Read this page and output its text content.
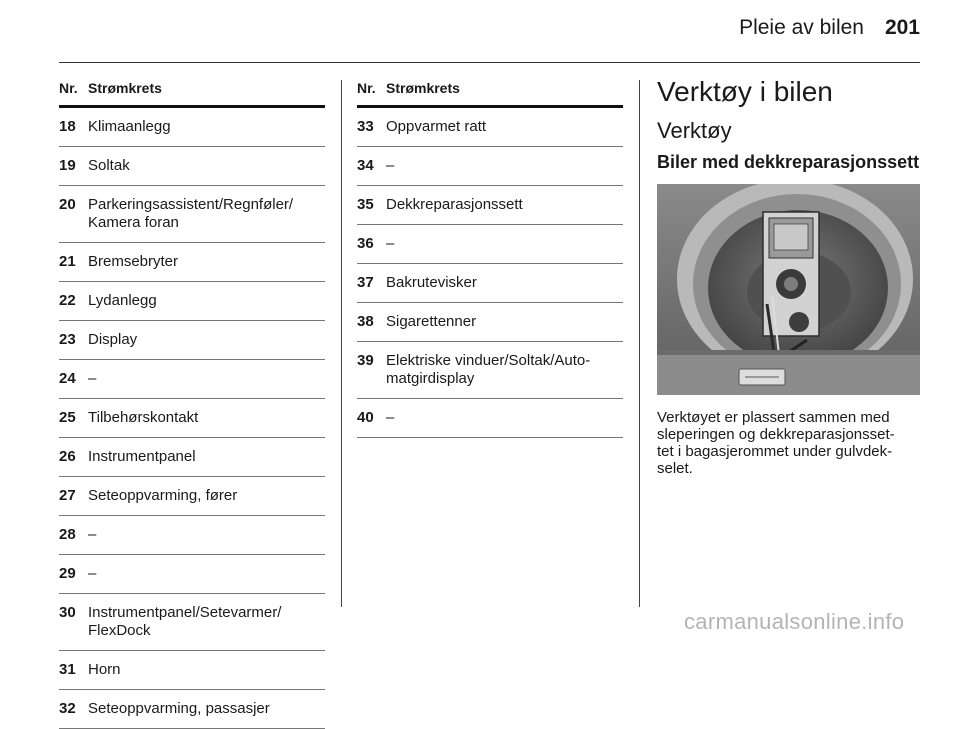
Pleie av bilen 201
Nr. Strømkrets
18 Klimaanlegg
19 Soltak
20 Parkeringsassistent/Regnføler/
Kamera foran
21 Bremsebryter
22 Lydanlegg
23 Display
24 –
25 Tilbehørskontakt
26 Instrumentpanel
27 Seteoppvarming, fører
28 –
29 –
30 Instrumentpanel/Setevarmer/
FlexDock
31 Horn
32 Seteoppvarming, passasjer
Nr. Strømkrets
33 Oppvarmet ratt
34 –
35 Dekkreparasjonssett
36 –
37 Bakrutevisker
38 Sigarettenner
39 Elektriske vinduer/Soltak/Auto-
matgirdisplay
40 –
Verktøy i bilen
Verktøy
Biler med dekkreparasjonssett
Verktøyet er plassert sammen med
sleperingen og dekkreparasjonsset-
tet i bagasjerommet under gulvdek-
selet.
carmanualsonline.info
